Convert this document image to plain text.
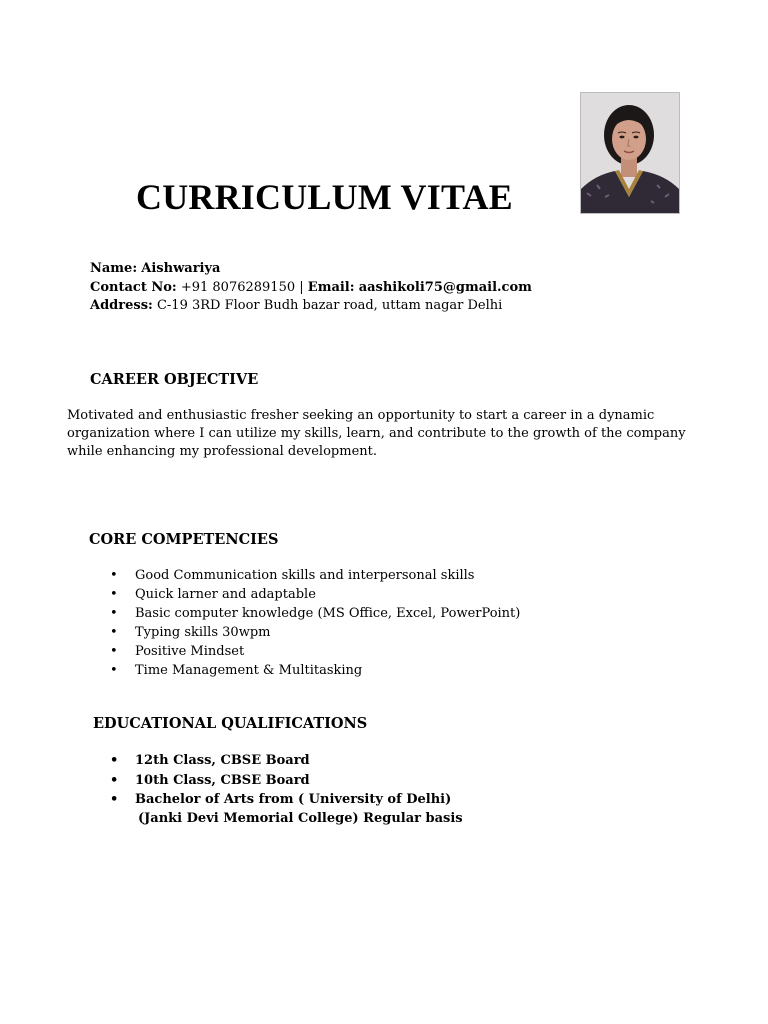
CURRICULUM VITAE
Name: Aishwariya
Contact No: +91 8076289150 | Email: aashikoli75@gmail.com
Address: C-19 3RD Floor Budh bazar road, uttam nagar Delhi
CAREER OBJECTIVE
Motivated and enthusiastic fresher seeking an opportunity to start a career in a dynamic
organization where I can utilize my skills, learn, and contribute to the growth of the company
while enhancing my professional development.
CORE COMPETENCIES
• Good Communication skills and interpersonal skills
• Quick larner and adaptable
• Basic computer knowledge (MS Office, Excel, PowerPoint)
• Typing skills 30wpm
• Positive Mindset
• Time Management & Multitasking
EDUCATIONAL QUALIFICATIONS
• 12th Class, CBSE Board
• 10th Class, CBSE Board
• Bachelor of Arts from ( University of Delhi)
(Janki Devi Memorial College) Regular basis
